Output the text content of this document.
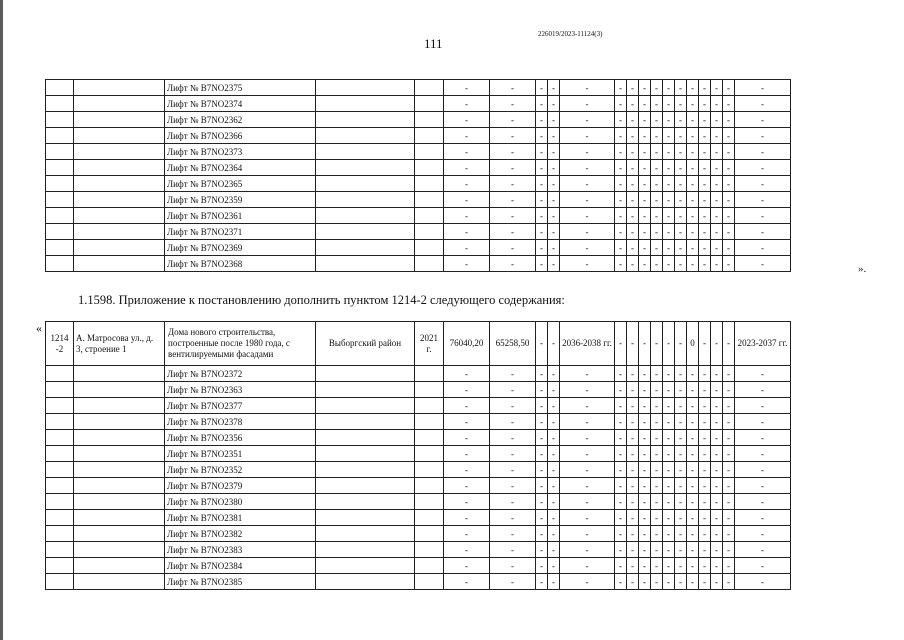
226019/2023-11124(3)
111
		Лифт № B7NO2375			-	-	-	-	-	-	-	-	-	-	-	-	-	-	-	-
		Лифт № B7NO2374			-	-	-	-	-	-	-	-	-	-	-	-	-	-	-	-
		Лифт № B7NO2362			-	-	-	-	-	-	-	-	-	-	-	-	-	-	-	-
		Лифт № B7NO2366			-	-	-	-	-	-	-	-	-	-	-	-	-	-	-	-
		Лифт № B7NO2373			-	-	-	-	-	-	-	-	-	-	-	-	-	-	-	-
		Лифт № B7NO2364			-	-	-	-	-	-	-	-	-	-	-	-	-	-	-	-
		Лифт № B7NO2365			-	-	-	-	-	-	-	-	-	-	-	-	-	-	-	-
		Лифт № B7NO2359			-	-	-	-	-	-	-	-	-	-	-	-	-	-	-	-
		Лифт № B7NO2361			-	-	-	-	-	-	-	-	-	-	-	-	-	-	-	-
		Лифт № B7NO2371			-	-	-	-	-	-	-	-	-	-	-	-	-	-	-	-
		Лифт № B7NO2369			-	-	-	-	-	-	-	-	-	-	-	-	-	-	-	-
		Лифт № B7NO2368			-	-	-	-	-	-	-	-	-	-	-	-	-	-	-	-	».
1.1598. Приложение к постановлению дополнить пунктом 1214-2 следующего содержания:
«
1214 -2	А. Матросова ул., д. 3, строение 1	Дома нового строительства, построенные после 1980 года, с вентилируемыми фасадами	Выборгский район	2021 г.	76040,20	65258,50	-	-	2036-2038 гг.	-	-	-	-	-	-	0	-	-	-	2023-2037 гг.
		Лифт № B7NO2372			-	-	-	-	-	-	-	-	-	-	-	-	-	-	-	-
		Лифт № B7NO2363			-	-	-	-	-	-	-	-	-	-	-	-	-	-	-	-
		Лифт № B7NO2377			-	-	-	-	-	-	-	-	-	-	-	-	-	-	-	-
		Лифт № B7NO2378			-	-	-	-	-	-	-	-	-	-	-	-	-	-	-	-
		Лифт № B7NO2356			-	-	-	-	-	-	-	-	-	-	-	-	-	-	-	-
		Лифт № B7NO2351			-	-	-	-	-	-	-	-	-	-	-	-	-	-	-	-
		Лифт № B7NO2352			-	-	-	-	-	-	-	-	-	-	-	-	-	-	-	-
		Лифт № B7NO2379			-	-	-	-	-	-	-	-	-	-	-	-	-	-	-	-
		Лифт № B7NO2380			-	-	-	-	-	-	-	-	-	-	-	-	-	-	-	-
		Лифт № B7NO2381			-	-	-	-	-	-	-	-	-	-	-	-	-	-	-	-
		Лифт № B7NO2382			-	-	-	-	-	-	-	-	-	-	-	-	-	-	-	-
		Лифт № B7NO2383			-	-	-	-	-	-	-	-	-	-	-	-	-	-	-	-
		Лифт № B7NO2384			-	-	-	-	-	-	-	-	-	-	-	-	-	-	-	-
		Лифт № B7NO2385			-	-	-	-	-	-	-	-	-	-	-	-	-	-	-	-
